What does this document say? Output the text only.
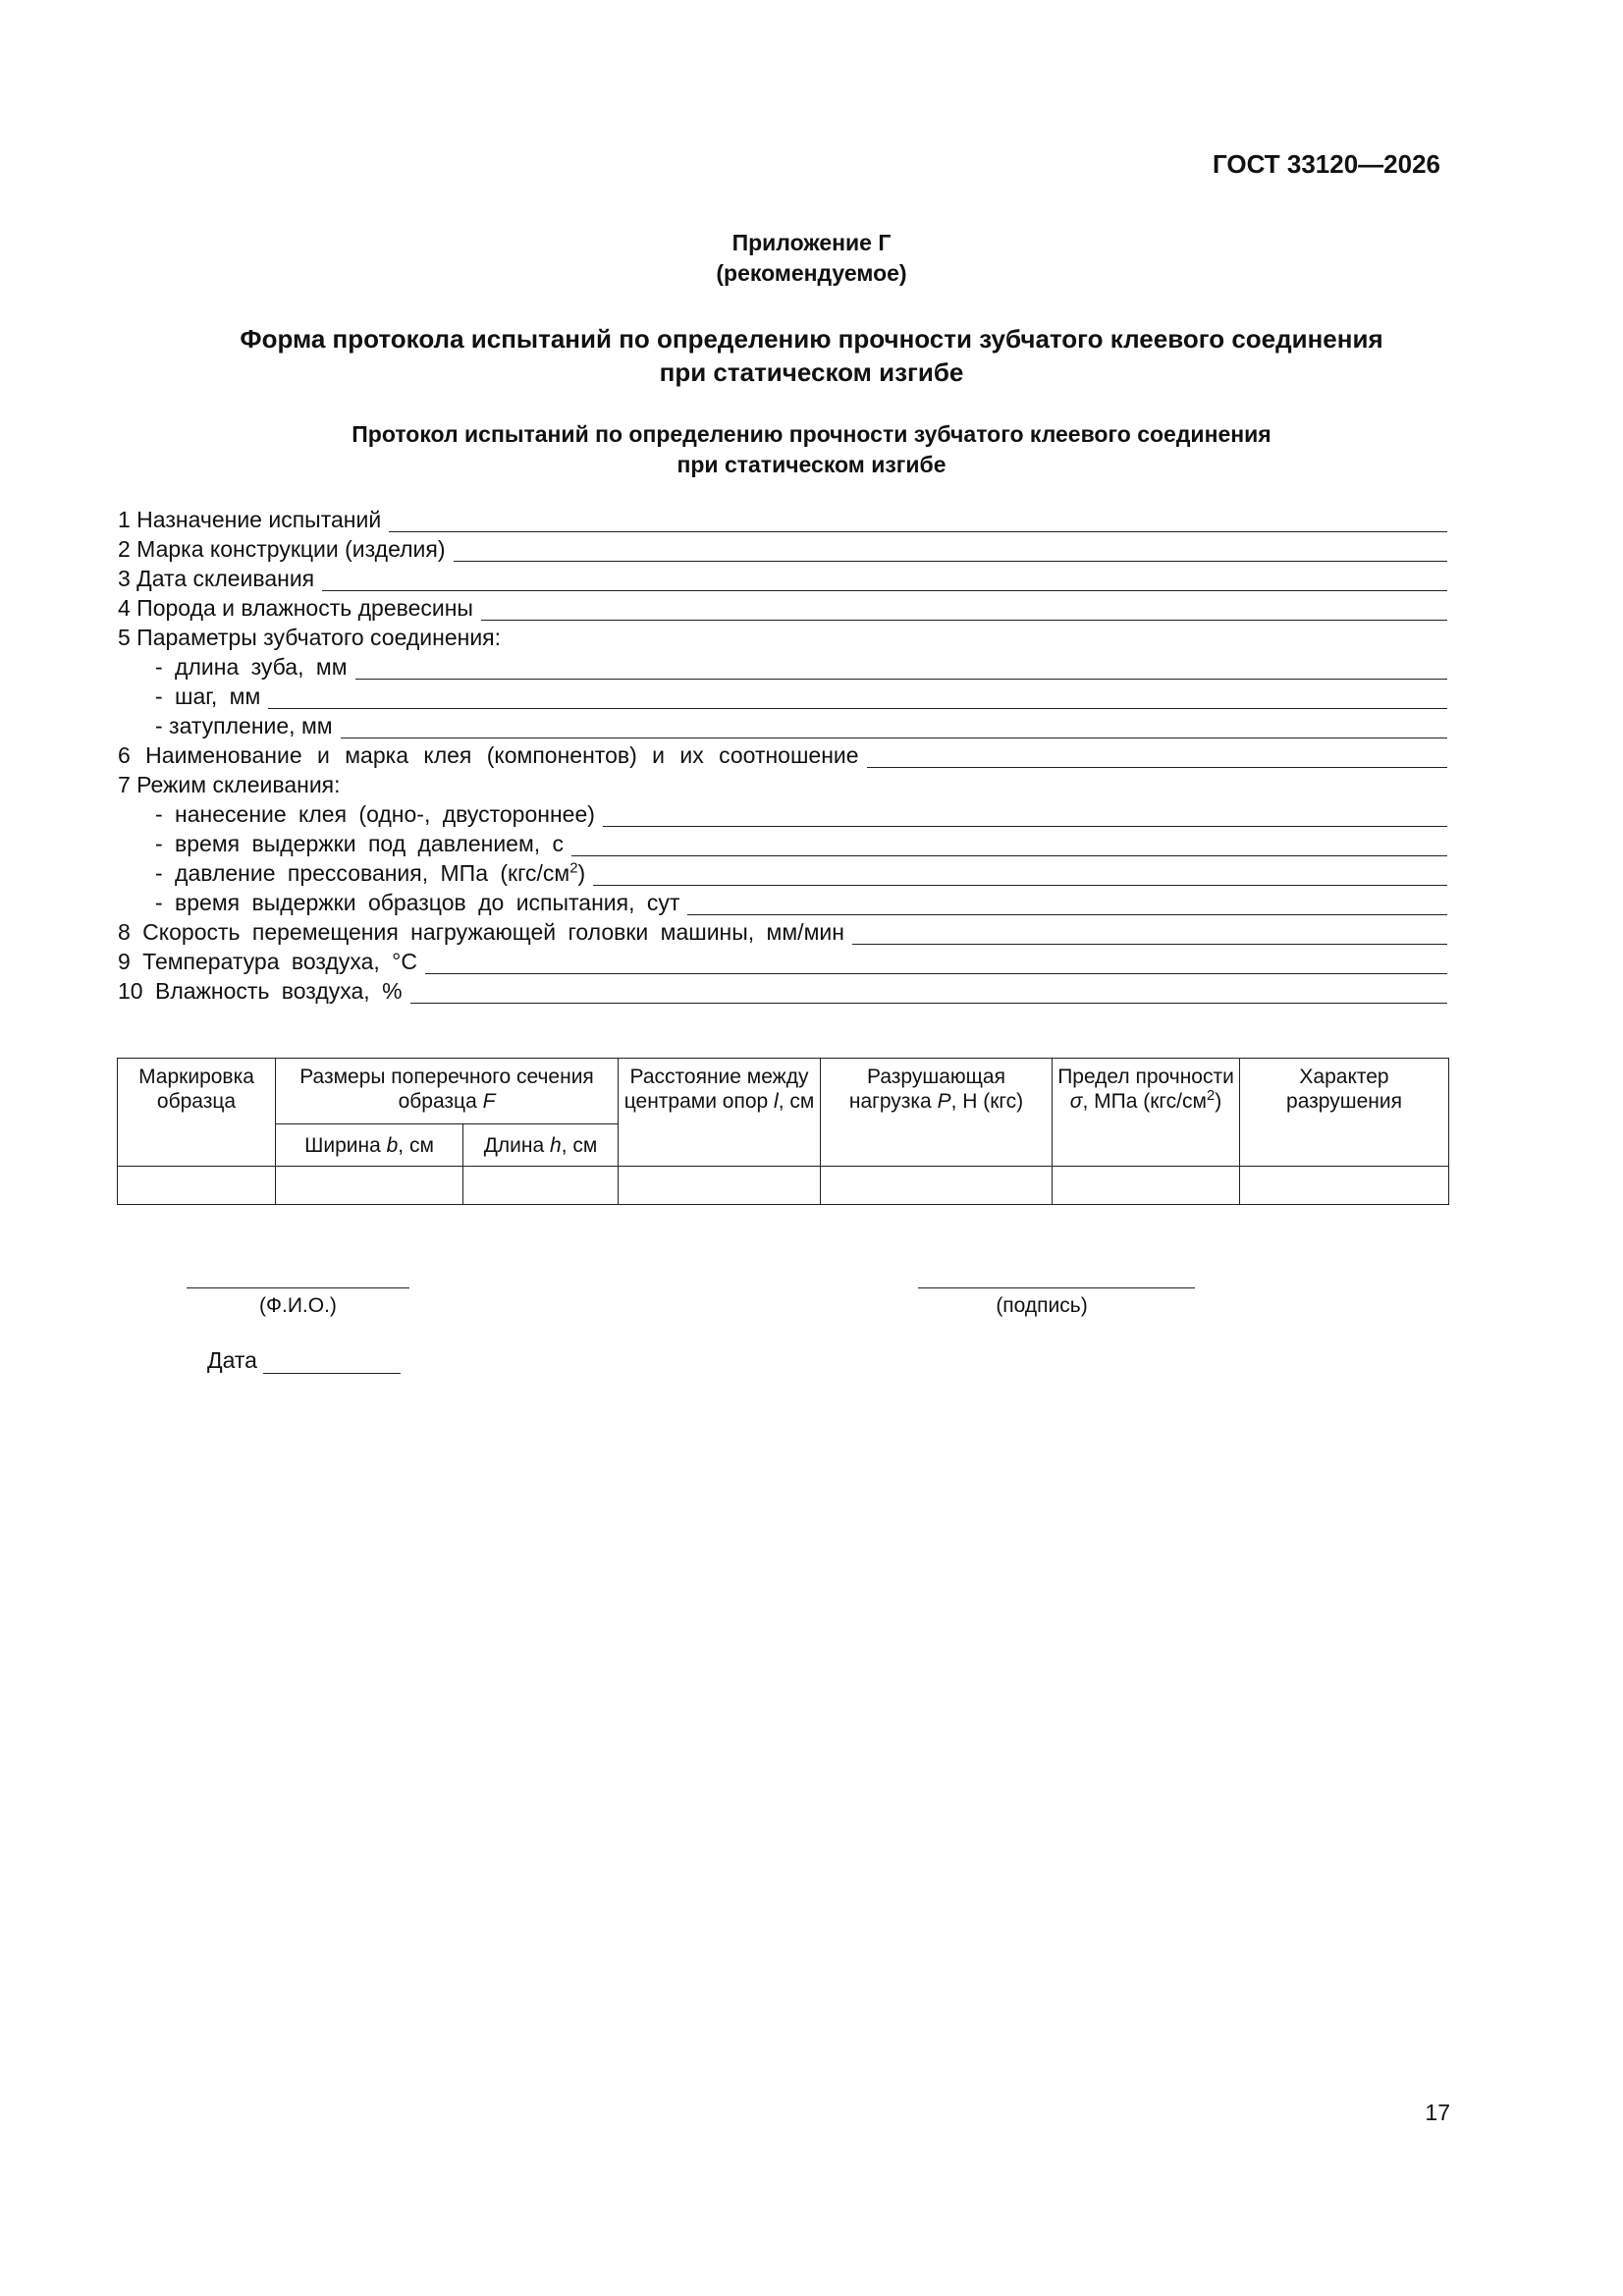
ГОСТ 33120—2026
Приложение Г
(рекомендуемое)
Форма протокола испытаний по определению прочности зубчатого клеевого соединения
при статическом изгибе
Протокол испытаний по определению прочности зубчатого клеевого соединения
при статическом изгибе
1 Назначение испытаний
2 Марка конструкции (изделия)
3 Дата склеивания
4 Порода и влажность древесины
5 Параметры зубчатого соединения:
- длина зуба, мм
- шаг, мм
- затупление, мм
6 Наименование и марка клея (компонентов) и их соотношение
7 Режим склеивания:
- нанесение клея (одно-, двустороннее)
- время выдержки под давлением, с
- давление прессования, МПа $(кгс/см^2)$
- время выдержки образцов до испытания, сут
8 Скорость перемещения нагружающей головки машины, мм/мин
9 Температура воздуха, °С
10 Влажность воздуха, %
Маркировка образца	Размеры поперечного сечения образца F		Расстояние между центрами опор l, см	Разрушающая нагрузка P, Н (кгс)	Предел прочности σ, МПа $(кгс/см^2)$	Характер разрушения
	Ширина b, см	Длина h, см				

(Ф.И.О.)	(подпись)
Дата
17
